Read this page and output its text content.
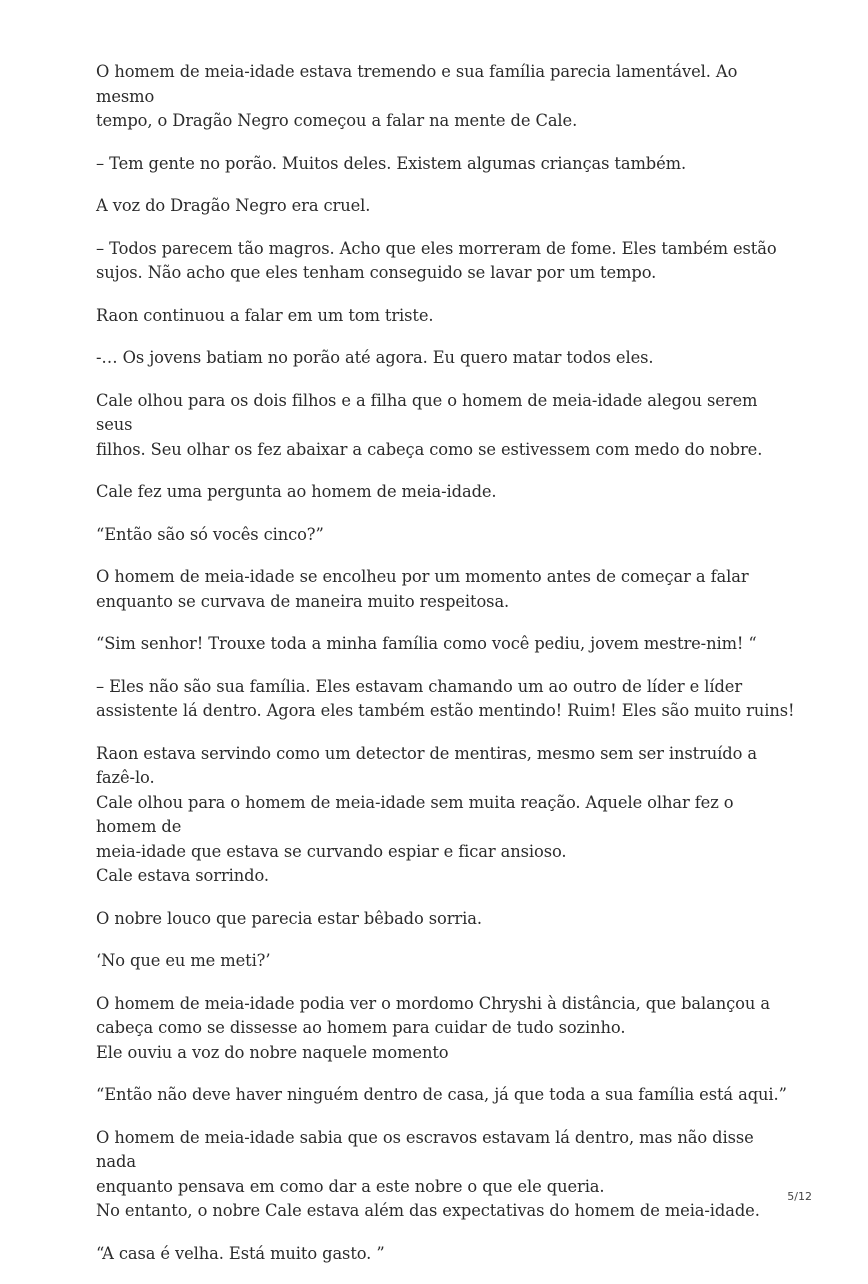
O homem de meia-idade estava tremendo e sua família parecia lamentável. Ao mesmo
tempo, o Dragão Negro começou a falar na mente de Cale.

– Tem gente no porão. Muitos deles. Existem algumas crianças também.

A voz do Dragão Negro era cruel.

– Todos parecem tão magros. Acho que eles morreram de fome. Eles também estão
sujos. Não acho que eles tenham conseguido se lavar por um tempo.

Raon continuou a falar em um tom triste.

-… Os jovens batiam no porão até agora. Eu quero matar todos eles.

Cale olhou para os dois filhos e a filha que o homem de meia-idade alegou serem seus
filhos. Seu olhar os fez abaixar a cabeça como se estivessem com medo do nobre.

Cale fez uma pergunta ao homem de meia-idade.

“Então são só vocês cinco?”

O homem de meia-idade se encolheu por um momento antes de começar a falar
enquanto se curvava de maneira muito respeitosa.

“Sim senhor! Trouxe toda a minha família como você pediu, jovem mestre-nim! “

– Eles não são sua família. Eles estavam chamando um ao outro de líder e líder
assistente lá dentro. Agora eles também estão mentindo! Ruim! Eles são muito ruins!

Raon estava servindo como um detector de mentiras, mesmo sem ser instruído a fazê-lo.
Cale olhou para o homem de meia-idade sem muita reação. Aquele olhar fez o homem de
meia-idade que estava se curvando espiar e ficar ansioso.
Cale estava sorrindo.

O nobre louco que parecia estar bêbado sorria.

‘No que eu me meti?’

O homem de meia-idade podia ver o mordomo Chryshi à distância, que balançou a
cabeça como se dissesse ao homem para cuidar de tudo sozinho.
Ele ouviu a voz do nobre naquele momento

“Então não deve haver ninguém dentro de casa, já que toda a sua família está aqui.”

O homem de meia-idade sabia que os escravos estavam lá dentro, mas não disse nada
enquanto pensava em como dar a este nobre o que ele queria.
No entanto, o nobre Cale estava além das expectativas do homem de meia-idade.

“A casa é velha. Está muito gasto. ”

5/12
